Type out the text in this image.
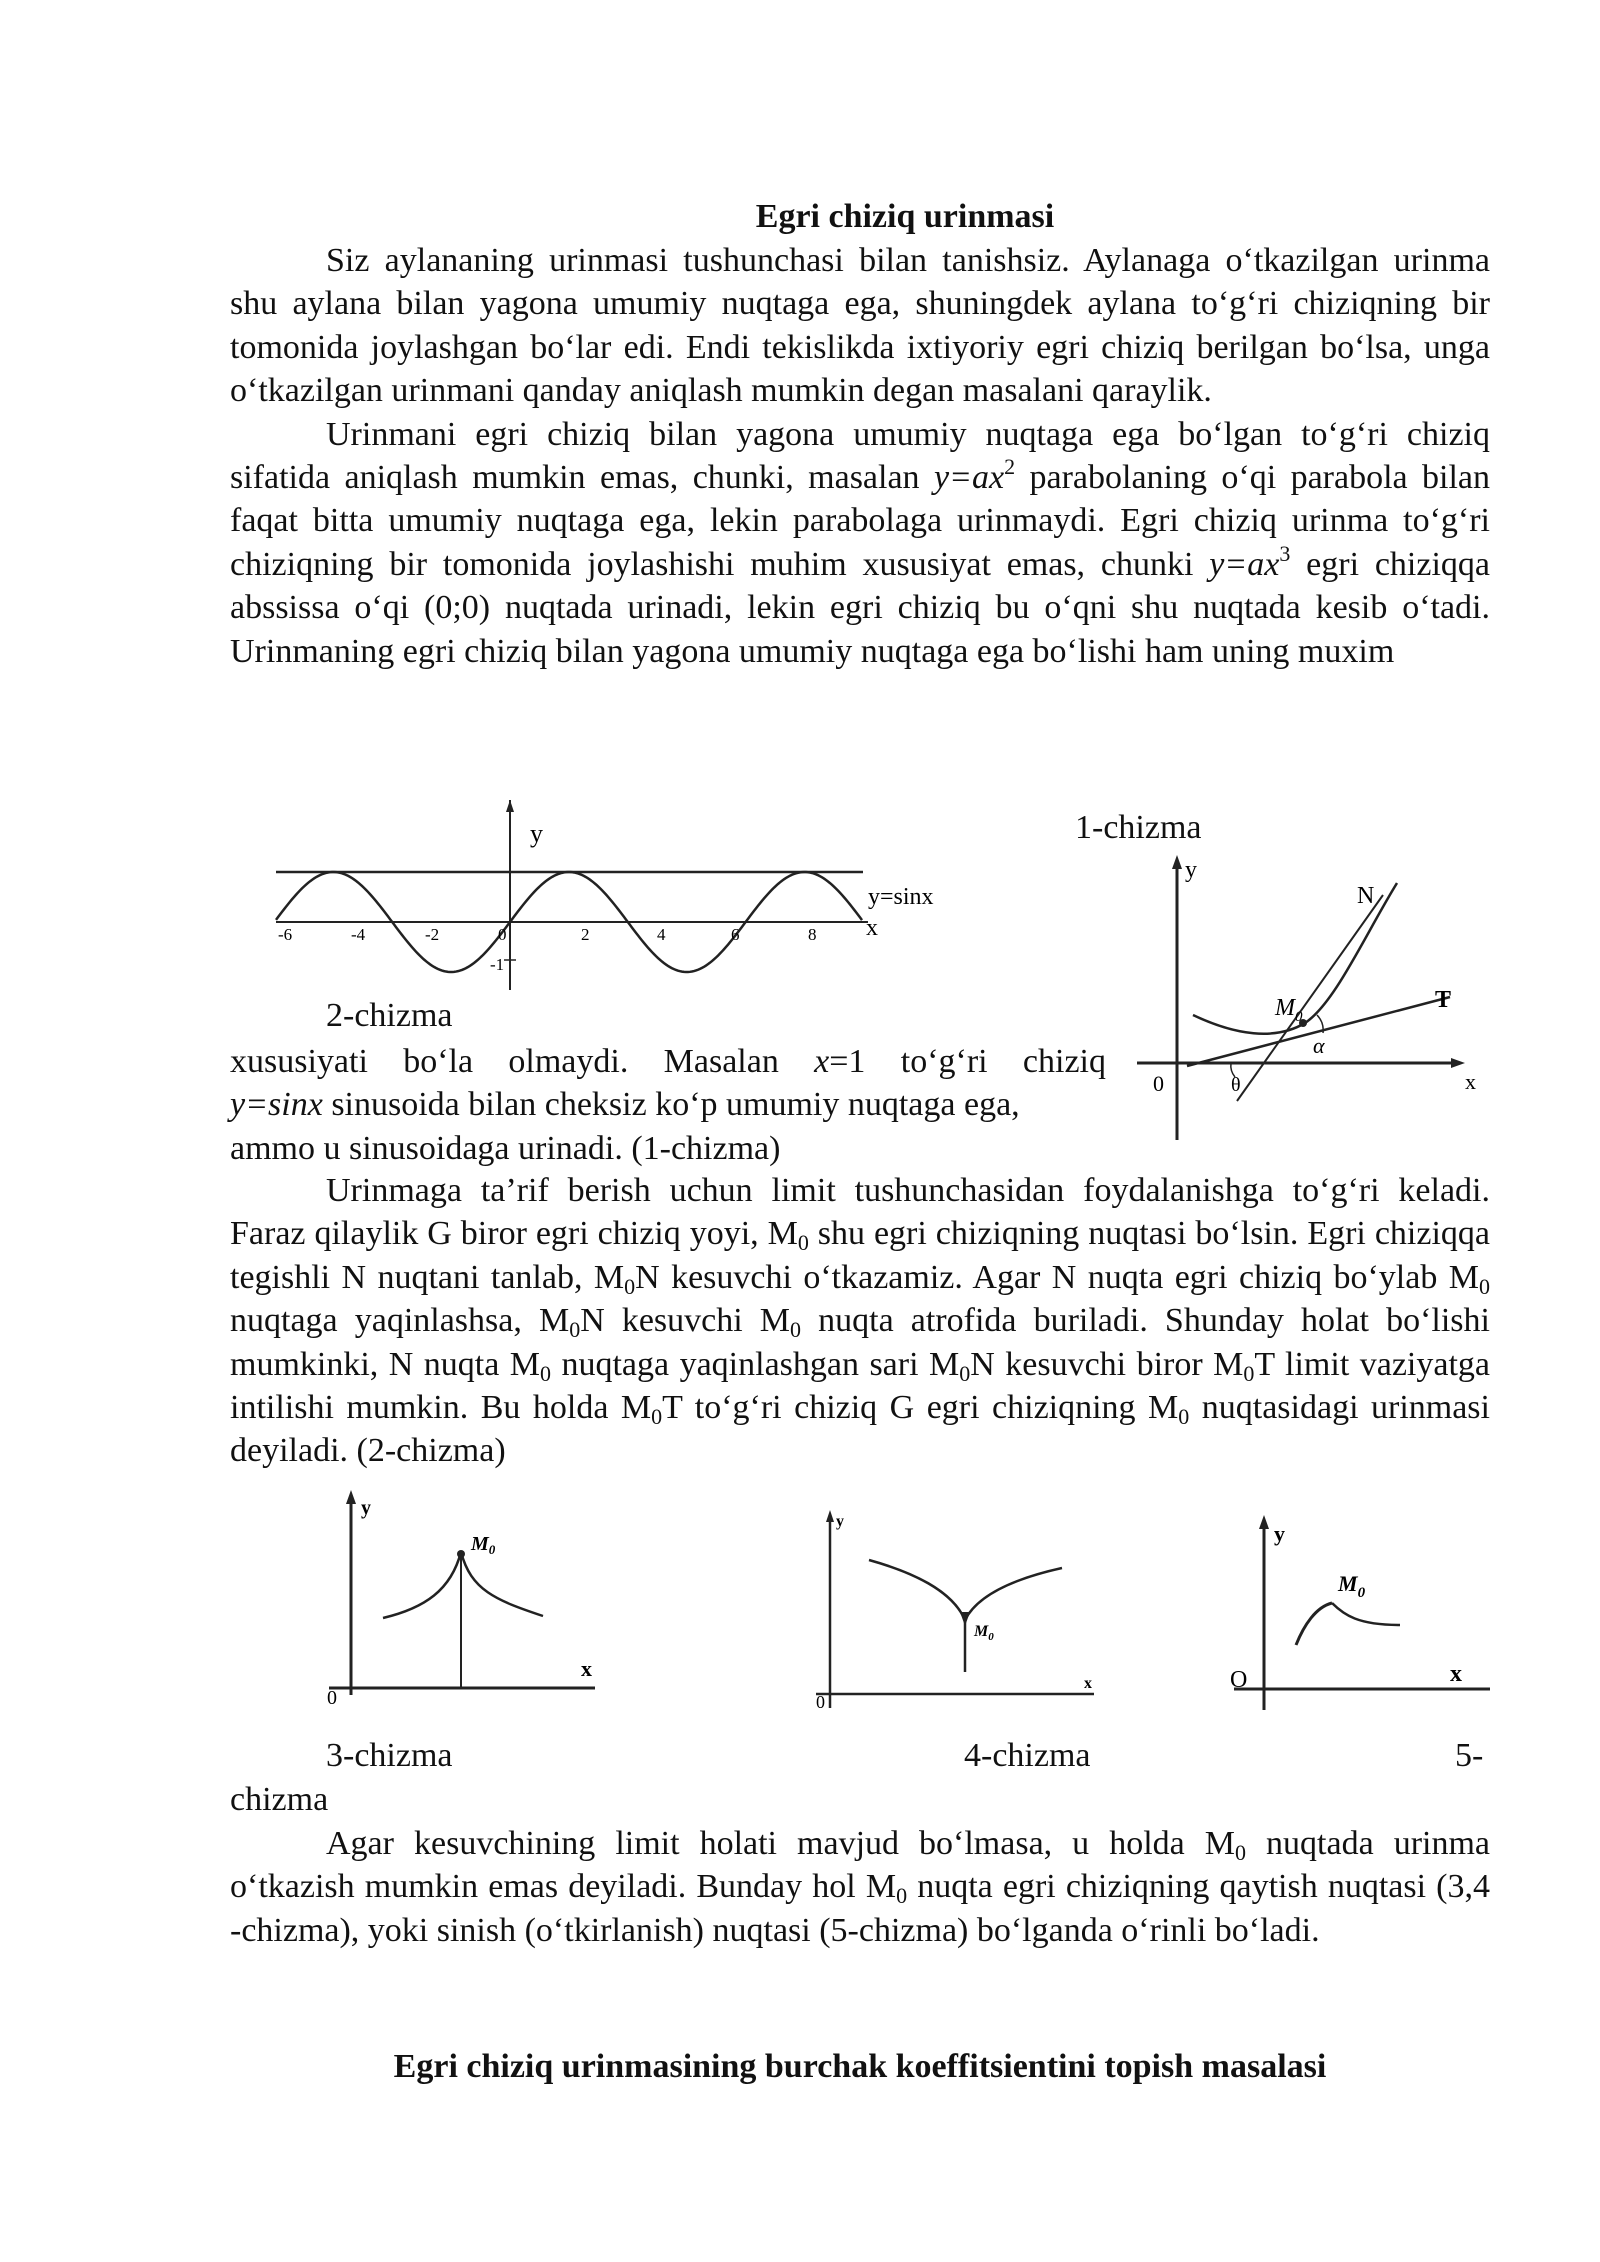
Egri chiziq urinmasi

Siz aylananing urinmasi tushunchasi bilan tanishsiz. Aylanaga o‘tkazilgan urinma shu aylana bilan yagona umumiy nuqtaga ega, shuningdek aylana to‘g‘ri chiziqning bir tomonida joylashgan bo‘lar edi. Endi tekislikda ixtiyoriy egri chiziq berilgan bo‘lsa, unga o‘tkazilgan urinmani qanday aniqlash mumkin degan masalani qaraylik.

Urinmani egri chiziq bilan yagona umumiy nuqtaga ega bo‘lgan to‘g‘ri chiziq sifatida aniqlash mumkin emas, chunki, masalan $y=ax^2$ parabolaning o‘qi parabola bilan faqat bitta umumiy nuqtaga ega, lekin parabolaga urinmaydi. Egri chiziq urinma to‘g‘ri chiziqning bir tomonida joylashishi muhim xususiyat emas, chunki $y=ax^3$ egri chiziqqa abssissa o‘qi (0;0) nuqtada urinadi, lekin egri chiziq bu o‘qni shu nuqtada kesib o‘tadi. Urinmaning egri chiziq bilan yagona umumiy nuqtaga ega bo‘lishi ham uning muxim

-6	-4	-2	0	2	4	6	8
-1
y
x
y=sinx
1-chizma
y
x
0
N
$M_0$
T
α
θ
2-chizma

xususiyati bo‘la olmaydi. Masalan x=1 to‘g‘ri chiziq

y=sinx sinusoida bilan cheksiz ko‘p umumiy nuqtaga ega,

ammo u sinusoidaga urinadi. (1-chizma)

Urinmaga ta’rif berish uchun limit tushunchasidan foydalanishga to‘g‘ri keladi. Faraz qilaylik G biror egri chiziq yoyi, $M_0$ shu egri chiziqning nuqtasi bo‘lsin. Egri chiziqqa tegishli N nuqtani tanlab, $M_0N$ kesuvchi o‘tkazamiz. Agar N nuqta egri chiziq bo‘ylab $M_0$ nuqtaga yaqinlashsa, $M_0N$ kesuvchi $M_0$ nuqta atrofida buriladi. Shunday holat bo‘lishi mumkinki, N nuqta $M_0$ nuqtaga yaqinlashgan sari $M_0N$ kesuvchi biror $M_0T$ limit vaziyatga intilishi mumkin. Bu holda $M_0T$ to‘g‘ri chiziq G egri chiziqning $M_0$ nuqtasidagi urinmasi deyiladi. (2-chizma)

y
x
0
$M_0$
y
x
0
$M_0$
y
x
O
$M_0$
3-chizma	4-chizma	5-
chizma

Agar kesuvchining limit holati mavjud bo‘lmasa, u holda $M_0$ nuqtada urinma o‘tkazish mumkin emas deyiladi. Bunday hol $M_0$ nuqta egri chiziqning qaytish nuqtasi (3,4 -chizma), yoki sinish (o‘tkirlanish) nuqtasi (5-chizma) bo‘lganda o‘rinli bo‘ladi.

Egri chiziq urinmasining burchak koeffitsientini topish masalasi
